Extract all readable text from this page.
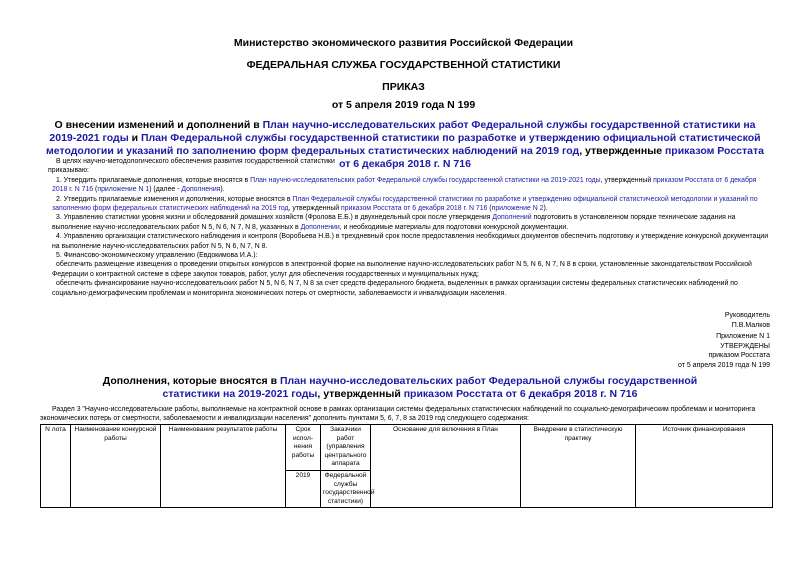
Министерство экономического развития Российской Федерации
ФЕДЕРАЛЬНАЯ СЛУЖБА ГОСУДАРСТВЕННОЙ СТАТИСТИКИ
ПРИКАЗ
от 5 апреля 2019 года N 199
О внесении изменений и дополнений в План научно-исследовательских работ Федеральной службы государственной статистики на 2019-2021 годы и План Федеральной службы государственной статистики по разработке и утверждению официальной статистической методологии и указаний по заполнению форм федеральных статистических наблюдений на 2019 год, утвержденные приказом Росстата от 6 декабря 2018 г. N 716

В целях научно-методологического обеспечения развития государственной статистики

приказываю:

1. Утвердить прилагаемые дополнения, которые вносятся в План научно-исследовательских работ Федеральной службы государственной статистики на 2019-2021 годы, утвержденный приказом Росстата от 6 декабря 2018 г. N 716 (приложение N 1) (далее - Дополнения).

2. Утвердить прилагаемые изменения и дополнения, которые вносятся в План Федеральной службы государственной статистики по разработке и утверждению официальной статистической методологии и указаний по заполнению форм федеральных статистических наблюдений на 2019 год, утвержденный приказом Росстата от 6 декабря 2018 г. N 716 (приложение N 2).

3. Управлению статистики уровня жизни и обследований домашних хозяйств (Фролова Е.Б.) в двухнедельный срок после утверждения Дополнений подготовить в установленном порядке технические задания на выполнение научно-исследовательских работ N 5, N 6, N 7, N 8, указанных в Дополнении, и необходимые материалы для подготовки конкурсной документации.

4. Управлению организации статистического наблюдения и контроля (Воробьева Н.В.) в трехдневный срок после предоставления необходимых документов обеспечить подготовку и утверждение конкурсной документации на выполнение научно-исследовательских работ N 5, N 6, N 7, N 8.

5. Финансово-экономическому управлению (Евдокимова И.А.):

обеспечить размещение извещения о проведении открытых конкурсов в электронной форме на выполнение научно-исследовательских работ N 5, N 6, N 7, N 8 в сроки, установленные законодательством Российской Федерации о контрактной системе в сфере закупок товаров, работ, услуг для обеспечения государственных и муниципальных нужд;

обеспечить финансирование научно-исследовательских работ N 5, N 6, N 7, N 8 за счет средств федерального бюджета, выделенных в рамках организации системы федеральных статистических наблюдений по социально-демографическим проблемам и мониторинга экономических потерь от смертности, заболеваемости и инвалидизации населения.

Руководитель
П.В.Малков
Приложение N 1
УТВЕРЖДЕНЫ
приказом Росстата
от 5 апреля 2019 года N 199
Дополнения, которые вносятся в План научно-исследовательских работ Федеральной службы государственной статистики на 2019-2021 годы, утвержденный приказом Росстата от 6 декабря 2018 г. N 716
Раздел 3 "Научно-исследовательские работы, выполняемые на контрактной основе в рамках организации системы федеральных статистических наблюдений по социально-демографическим проблемам и мониторинга экономических потерь от смертности, заболеваемости и инвалидизации населения" дополнить пунктами 5, 6, 7, 8 за 2019 год следующего содержания:
N лота	Наименование конкурсной работы	Наименование результатов работы	Срок испол-нения работы	Заказчики работ (управления центрального аппарата	Основание для включения в План	Внедрение в статистическую практику	Источник финансирования
			2019	Федеральной службы государственной статистики)			
